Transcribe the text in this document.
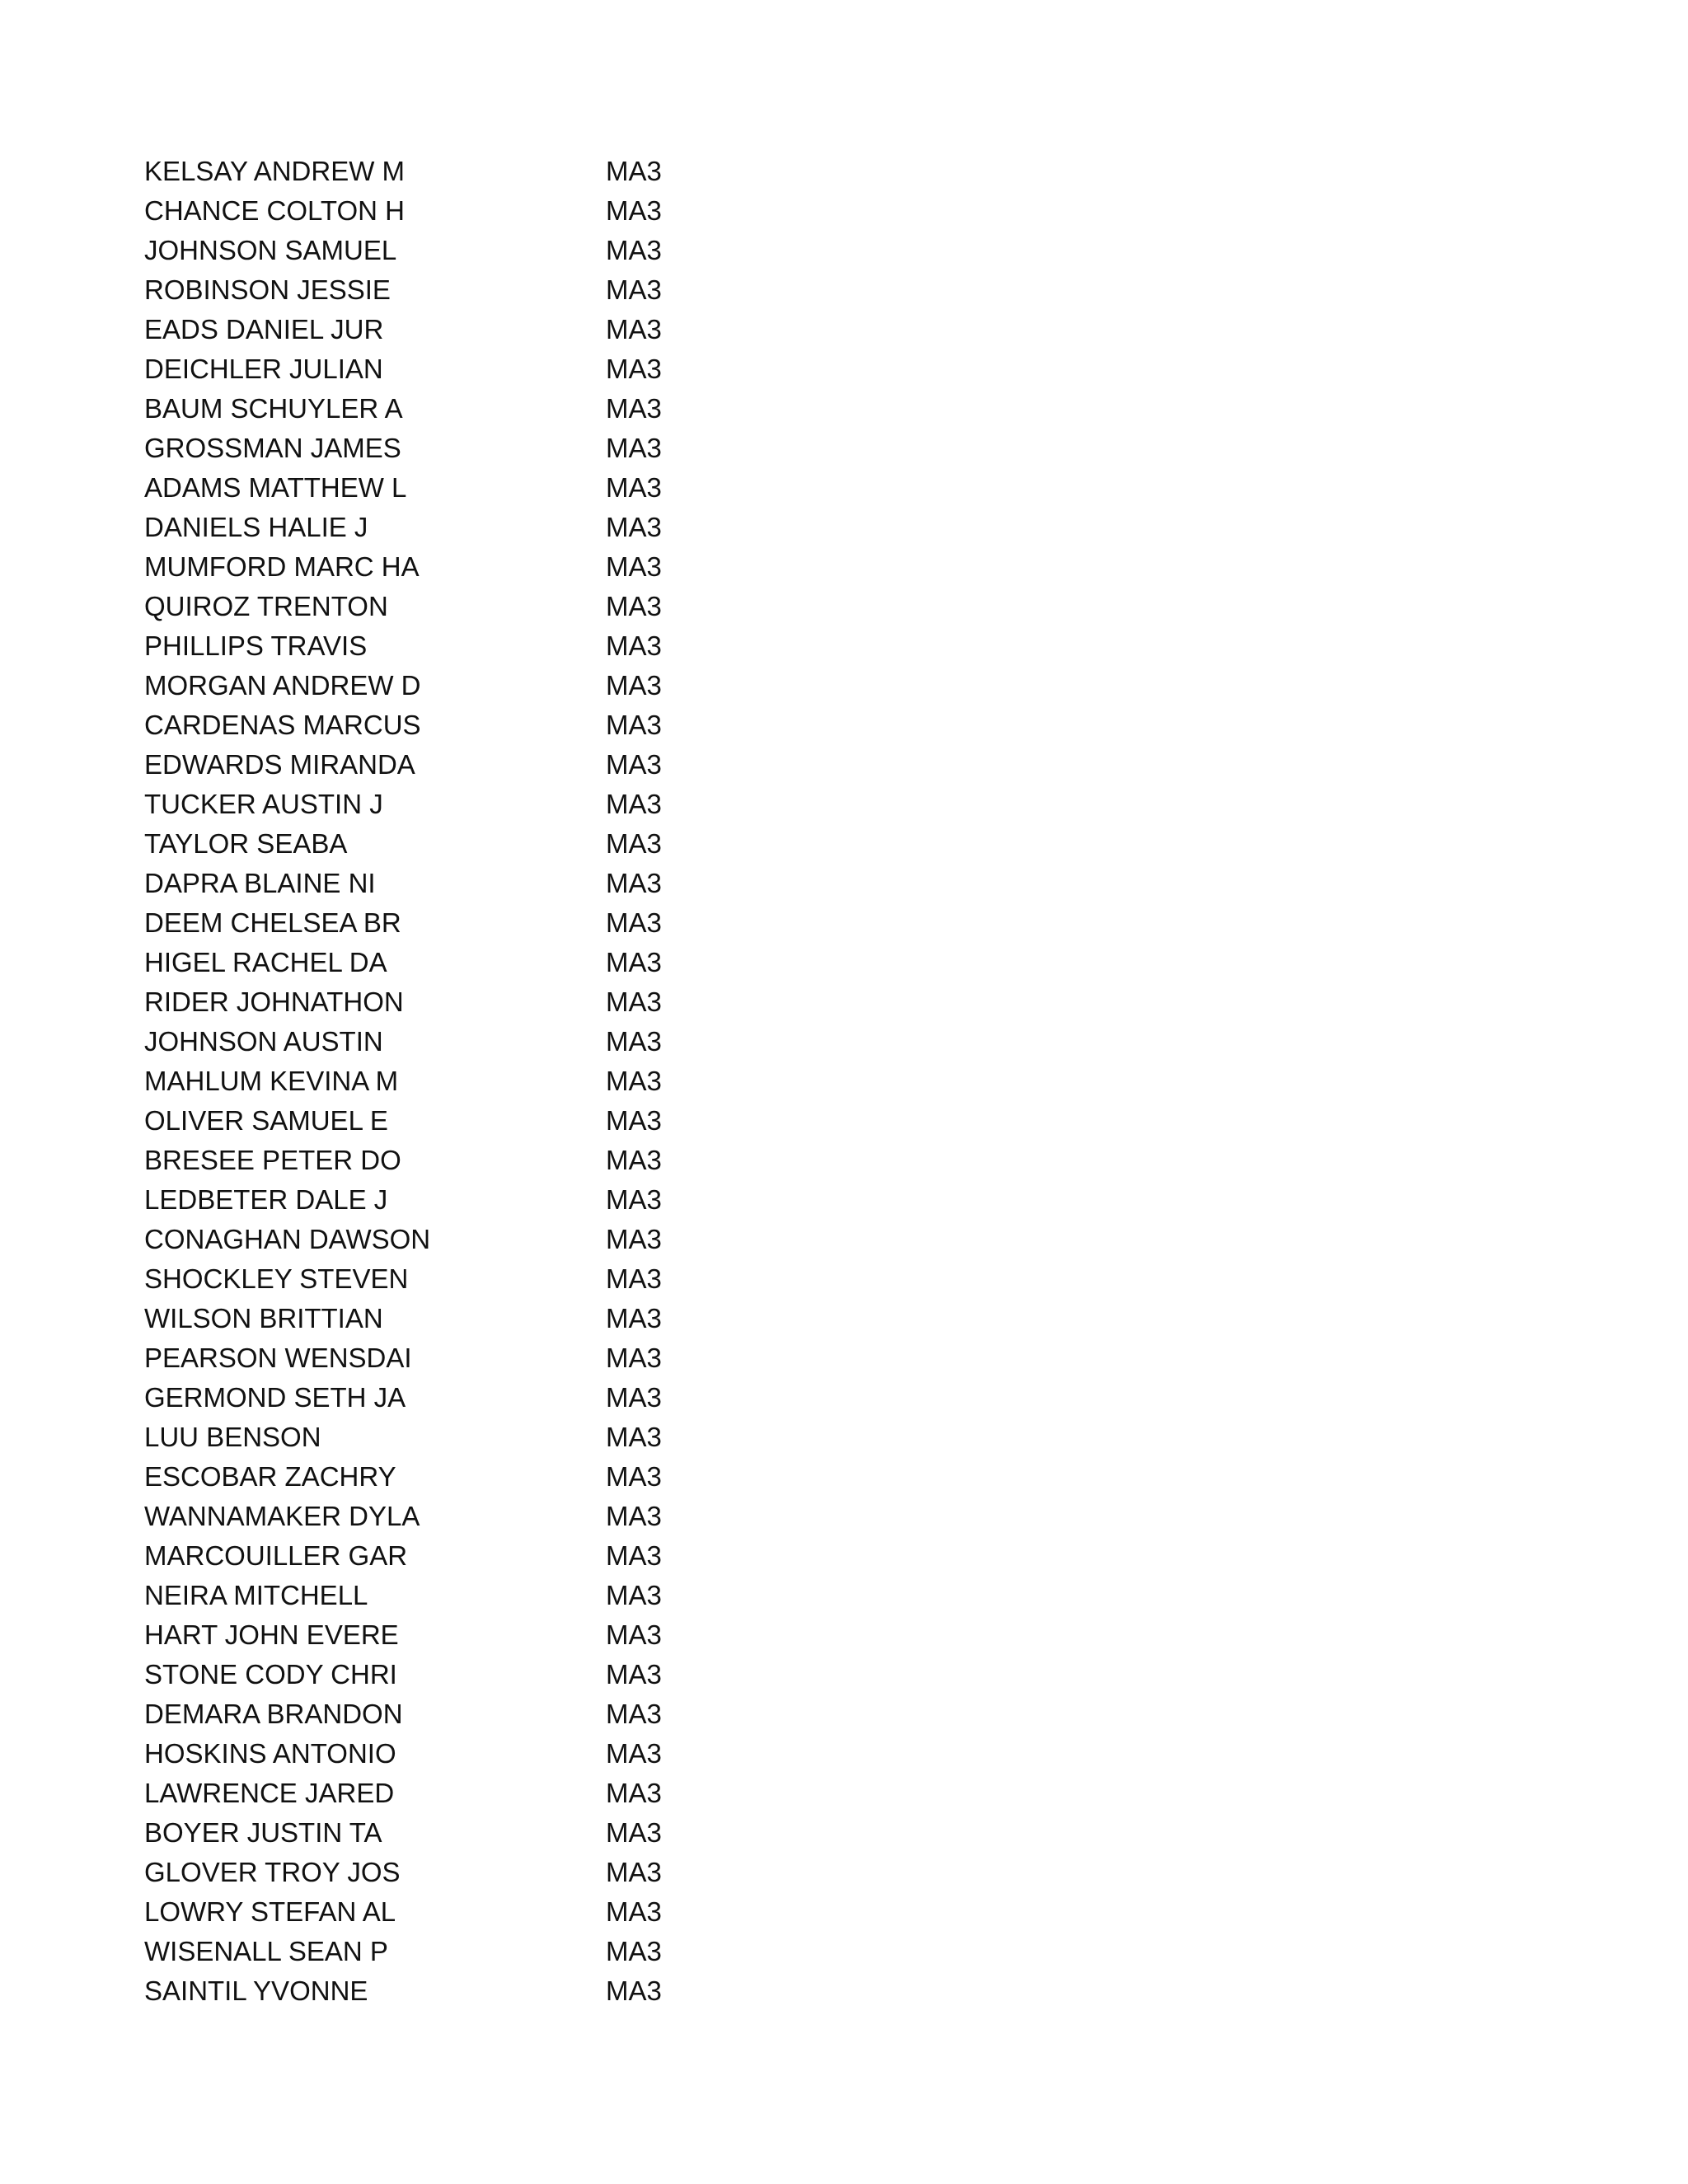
KELSAY ANDREW M	MA3
CHANCE COLTON H	MA3
JOHNSON SAMUEL	MA3
ROBINSON JESSIE	MA3
EADS DANIEL JUR	MA3
DEICHLER JULIAN	MA3
BAUM SCHUYLER A	MA3
GROSSMAN JAMES	MA3
ADAMS MATTHEW L	MA3
DANIELS HALIE J	MA3
MUMFORD MARC HA	MA3
QUIROZ TRENTON	MA3
PHILLIPS TRAVIS	MA3
MORGAN ANDREW D	MA3
CARDENAS MARCUS	MA3
EDWARDS MIRANDA	MA3
TUCKER AUSTIN J	MA3
TAYLOR SEABA	MA3
DAPRA BLAINE NI	MA3
DEEM CHELSEA BR	MA3
HIGEL RACHEL DA	MA3
RIDER JOHNATHON	MA3
JOHNSON AUSTIN	MA3
MAHLUM KEVINA M	MA3
OLIVER SAMUEL E	MA3
BRESEE PETER DO	MA3
LEDBETER DALE J	MA3
CONAGHAN DAWSON	MA3
SHOCKLEY STEVEN	MA3
WILSON BRITTIAN	MA3
PEARSON WENSDAI	MA3
GERMOND SETH JA	MA3
LUU BENSON	MA3
ESCOBAR ZACHRY	MA3
WANNAMAKER DYLA	MA3
MARCOUILLER GAR	MA3
NEIRA MITCHELL	MA3
HART JOHN EVERE	MA3
STONE CODY CHRI	MA3
DEMARA BRANDON	MA3
HOSKINS ANTONIO	MA3
LAWRENCE JARED	MA3
BOYER JUSTIN TA	MA3
GLOVER TROY JOS	MA3
LOWRY STEFAN AL	MA3
WISENALL SEAN P	MA3
SAINTIL YVONNE	MA3
